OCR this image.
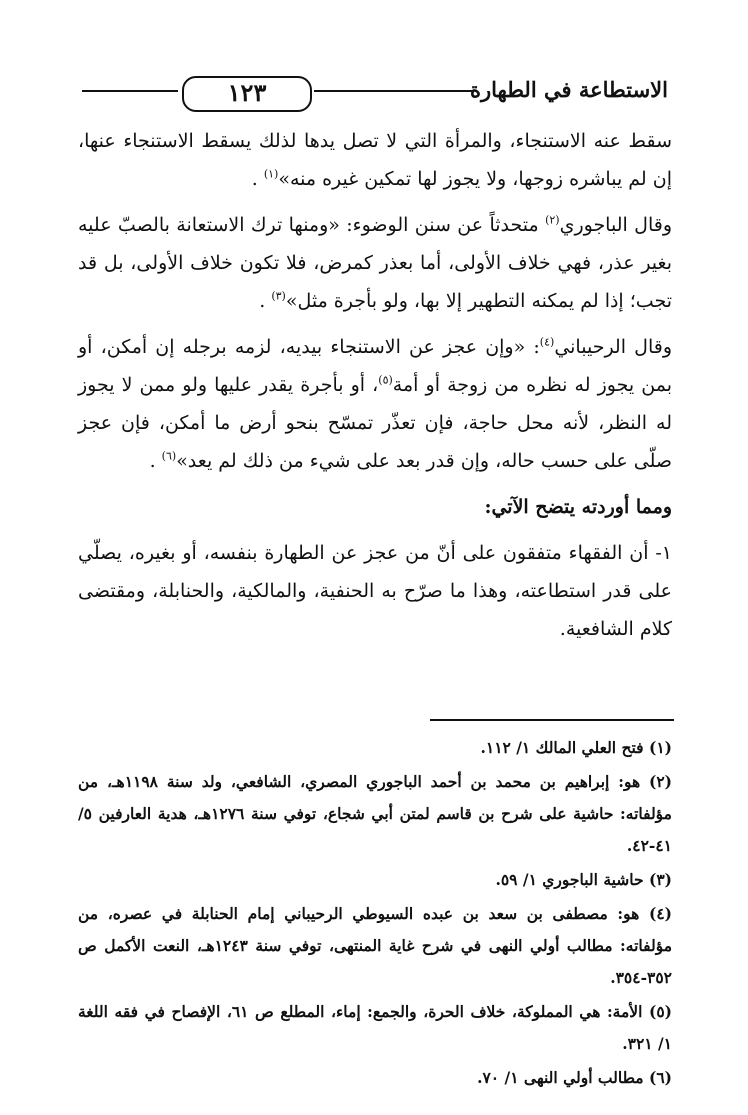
١٢٣	الاستطاعة في الطهارة

سقط عنه الاستنجاء، والمرأة التي لا تصل يدها لذلك يسقط الاستنجاء عنها، إن لم يباشره زوجها، ولا يجوز لها تمكين غيره منه»$^{(١)}$ .

وقال الباجوري$^{(٢)}$ متحدثاً عن سنن الوضوء: «ومنها ترك الاستعانة بالصبّ عليه بغير عذر، فهي خلاف الأولى، أما بعذر كمرض، فلا تكون خلاف الأولى، بل قد تجب؛ إذا لم يمكنه التطهير إلا بها، ولو بأجرة مثل»$^{(٣)}$ .

وقال الرحيباني$^{(٤)}$: «وإن عجز عن الاستنجاء بيديه، لزمه برجله إن أمكن، أو بمن يجوز له نظره من زوجة أو أمة$^{(٥)}$، أو بأجرة يقدر عليها ولو ممن لا يجوز له النظر، لأنه محل حاجة، فإن تعذّر تمسّح بنحو أرض ما أمكن، فإن عجز صلّى على حسب حاله، وإن قدر بعد على شيء من ذلك لم يعد»$^{(٦)}$ .

ومما أوردته يتضح الآتي:

١- أن الفقهاء متفقون على أنّ من عجز عن الطهارة بنفسه، أو بغيره، يصلّي على قدر استطاعته، وهذا ما صرّح به الحنفية، والمالكية، والحنابلة، ومقتضى كلام الشافعية.

(١) فتح العلي المالك ١/ ١١٢.

(٢) هو: إبراهيم بن محمد بن أحمد الباجوري المصري، الشافعي، ولد سنة ١١٩٨هـ، من مؤلفاته: حاشية على شرح بن قاسم لمتن أبي شجاع، توفي سنة ١٢٧٦هـ، هدية العارفين ٥/ ٤١-٤٢.

(٣) حاشية الباجوري ١/ ٥٩.

(٤) هو: مصطفى بن سعد بن عبده السيوطي الرحيباني إمام الحنابلة في عصره، من مؤلفاته: مطالب أولي النهى في شرح غاية المنتهى، توفي سنة ١٢٤٣هـ، النعت الأكمل ص ٣٥٢-٣٥٤.

(٥) الأمة: هي المملوكة، خلاف الحرة، والجمع: إماء، المطلع ص ٦١، الإفصاح في فقه اللغة ١/ ٣٢١.

(٦) مطالب أولي النهى ١/ ٧٠.
